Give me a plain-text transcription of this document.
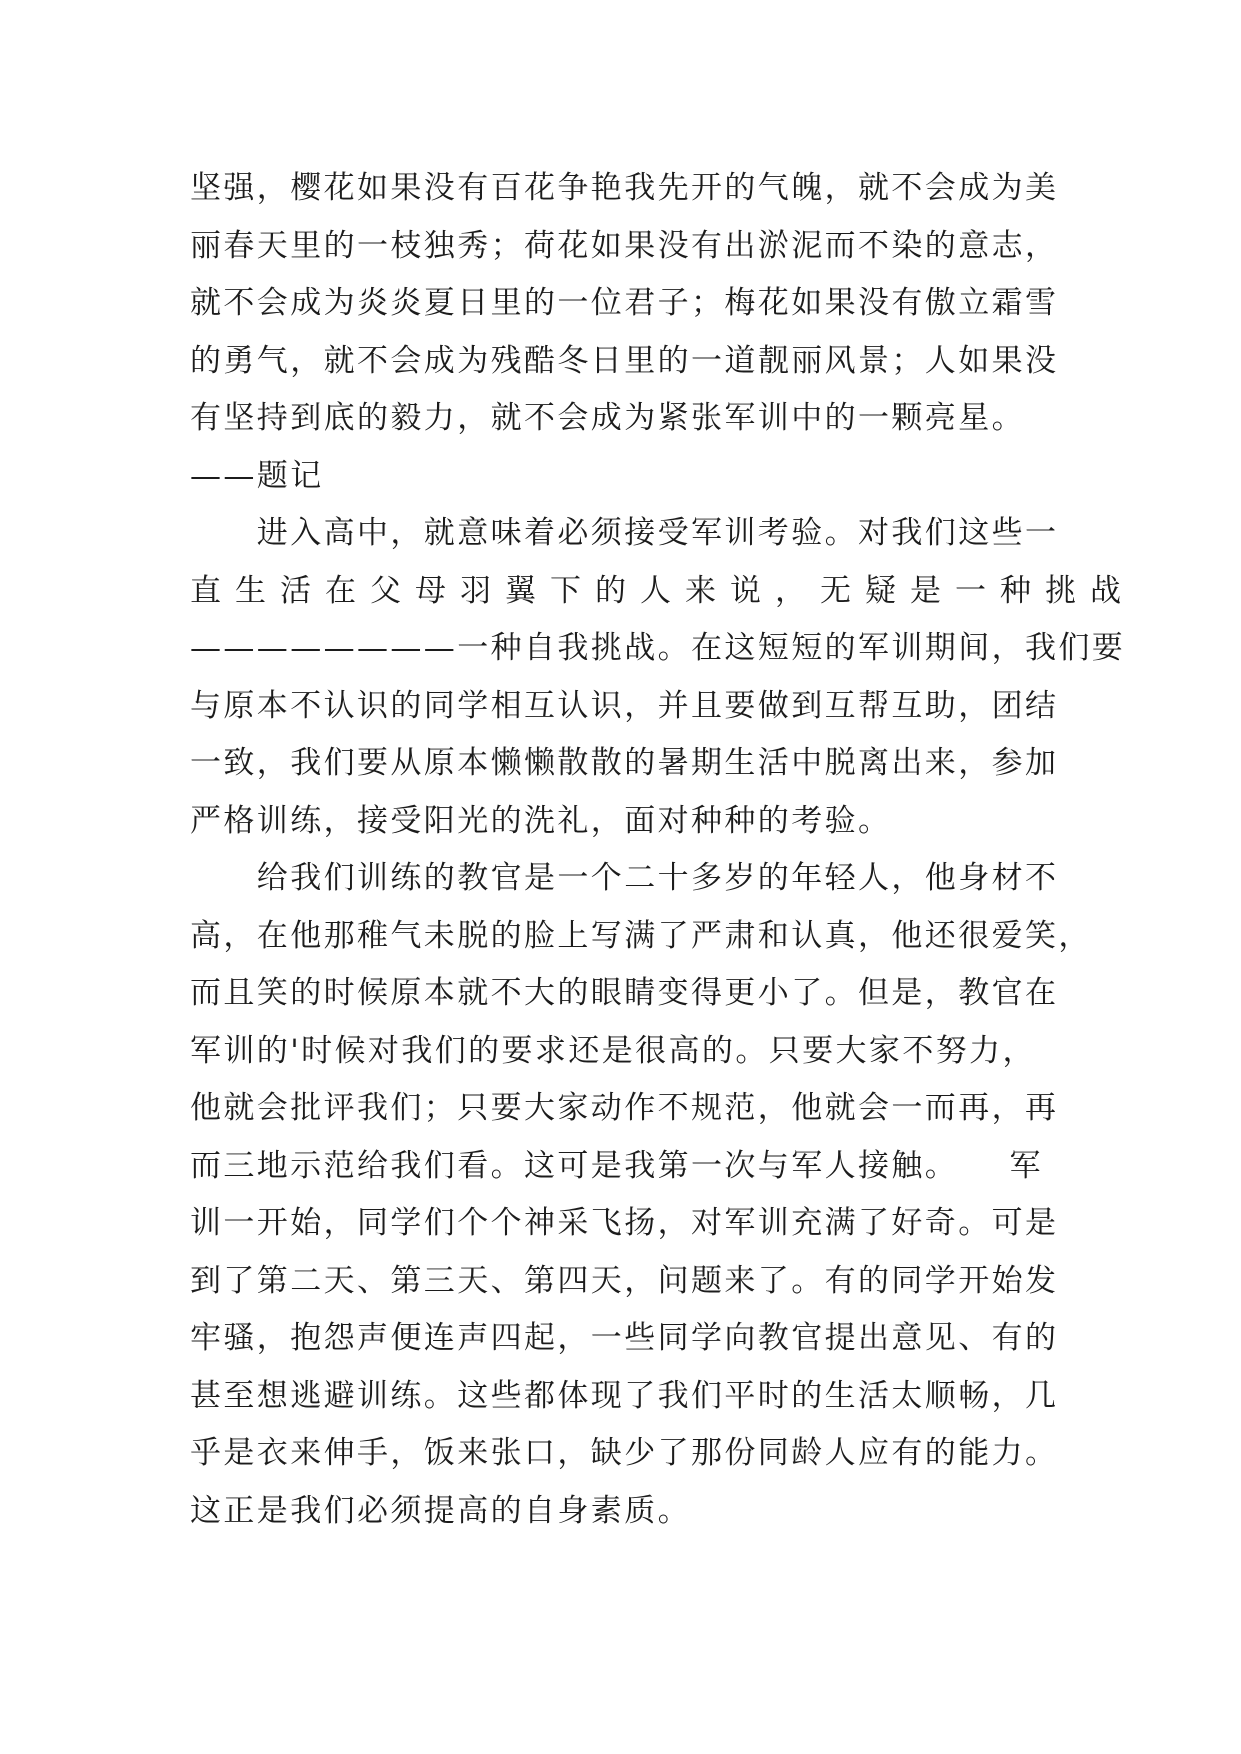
坚强，樱花如果没有百花争艳我先开的气魄，就不会成为美
丽春天里的一枝独秀；荷花如果没有出淤泥而不染的意志，
就不会成为炎炎夏日里的一位君子；梅花如果没有傲立霜雪
的勇气，就不会成为残酷冬日里的一道靓丽风景；人如果没
有坚持到底的毅力，就不会成为紧张军训中的一颗亮星。
——题记
　　进入高中，就意味着必须接受军训考验。对我们这些一
直生活在父母羽翼下的人来说，无疑是一种挑战
————————一种自我挑战。在这短短的军训期间，我们要
与原本不认识的同学相互认识，并且要做到互帮互助，团结
一致，我们要从原本懒懒散散的暑期生活中脱离出来，参加
严格训练，接受阳光的洗礼，面对种种的考验。
　　给我们训练的教官是一个二十多岁的年轻人，他身材不
高，在他那稚气未脱的脸上写满了严肃和认真，他还很爱笑，
而且笑的时候原本就不大的眼睛变得更小了。但是，教官在
军训的'时候对我们的要求还是很高的。只要大家不努力，
他就会批评我们；只要大家动作不规范，他就会一而再，再
而三地示范给我们看。这可是我第一次与军人接触。　　军
训一开始，同学们个个神采飞扬，对军训充满了好奇。可是
到了第二天、第三天、第四天，问题来了。有的同学开始发
牢骚，抱怨声便连声四起，一些同学向教官提出意见、有的
甚至想逃避训练。这些都体现了我们平时的生活太顺畅，几
乎是衣来伸手，饭来张口，缺少了那份同龄人应有的能力。
这正是我们必须提高的自身素质。
